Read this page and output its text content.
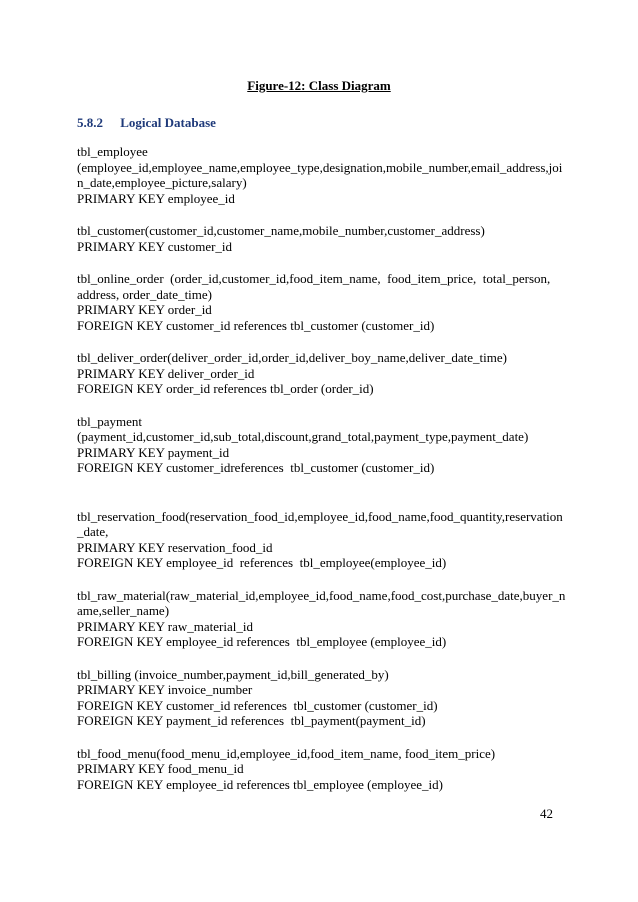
Figure-12: Class Diagram
5.8.2 Logical Database
tbl_employee
(employee_id,employee_name,employee_type,designation,mobile_number,email_address,joi
n_date,employee_picture,salary)
PRIMARY KEY employee_id
tbl_customer(customer_id,customer_name,mobile_number,customer_address)
PRIMARY KEY customer_id
tbl_online_order  (order_id,customer_id,food_item_name,  food_item_price,  total_person,
address, order_date_time)
PRIMARY KEY order_id
FOREIGN KEY customer_id references tbl_customer (customer_id)
tbl_deliver_order(deliver_order_id,order_id,deliver_boy_name,deliver_date_time)
PRIMARY KEY deliver_order_id
FOREIGN KEY order_id references tbl_order (order_id)
tbl_payment
(payment_id,customer_id,sub_total,discount,grand_total,payment_type,payment_date)
PRIMARY KEY payment_id
FOREIGN KEY customer_idreferences  tbl_customer (customer_id)
tbl_reservation_food(reservation_food_id,employee_id,food_name,food_quantity,reservation
_date,
PRIMARY KEY reservation_food_id
FOREIGN KEY employee_id  references  tbl_employee(employee_id)
tbl_raw_material(raw_material_id,employee_id,food_name,food_cost,purchase_date,buyer_n
ame,seller_name)
PRIMARY KEY raw_material_id
FOREIGN KEY employee_id references  tbl_employee (employee_id)
tbl_billing (invoice_number,payment_id,bill_generated_by)
PRIMARY KEY invoice_number
FOREIGN KEY customer_id references  tbl_customer (customer_id)
FOREIGN KEY payment_id references  tbl_payment(payment_id)
tbl_food_menu(food_menu_id,employee_id,food_item_name, food_item_price)
PRIMARY KEY food_menu_id
FOREIGN KEY employee_id references tbl_employee (employee_id)
42
